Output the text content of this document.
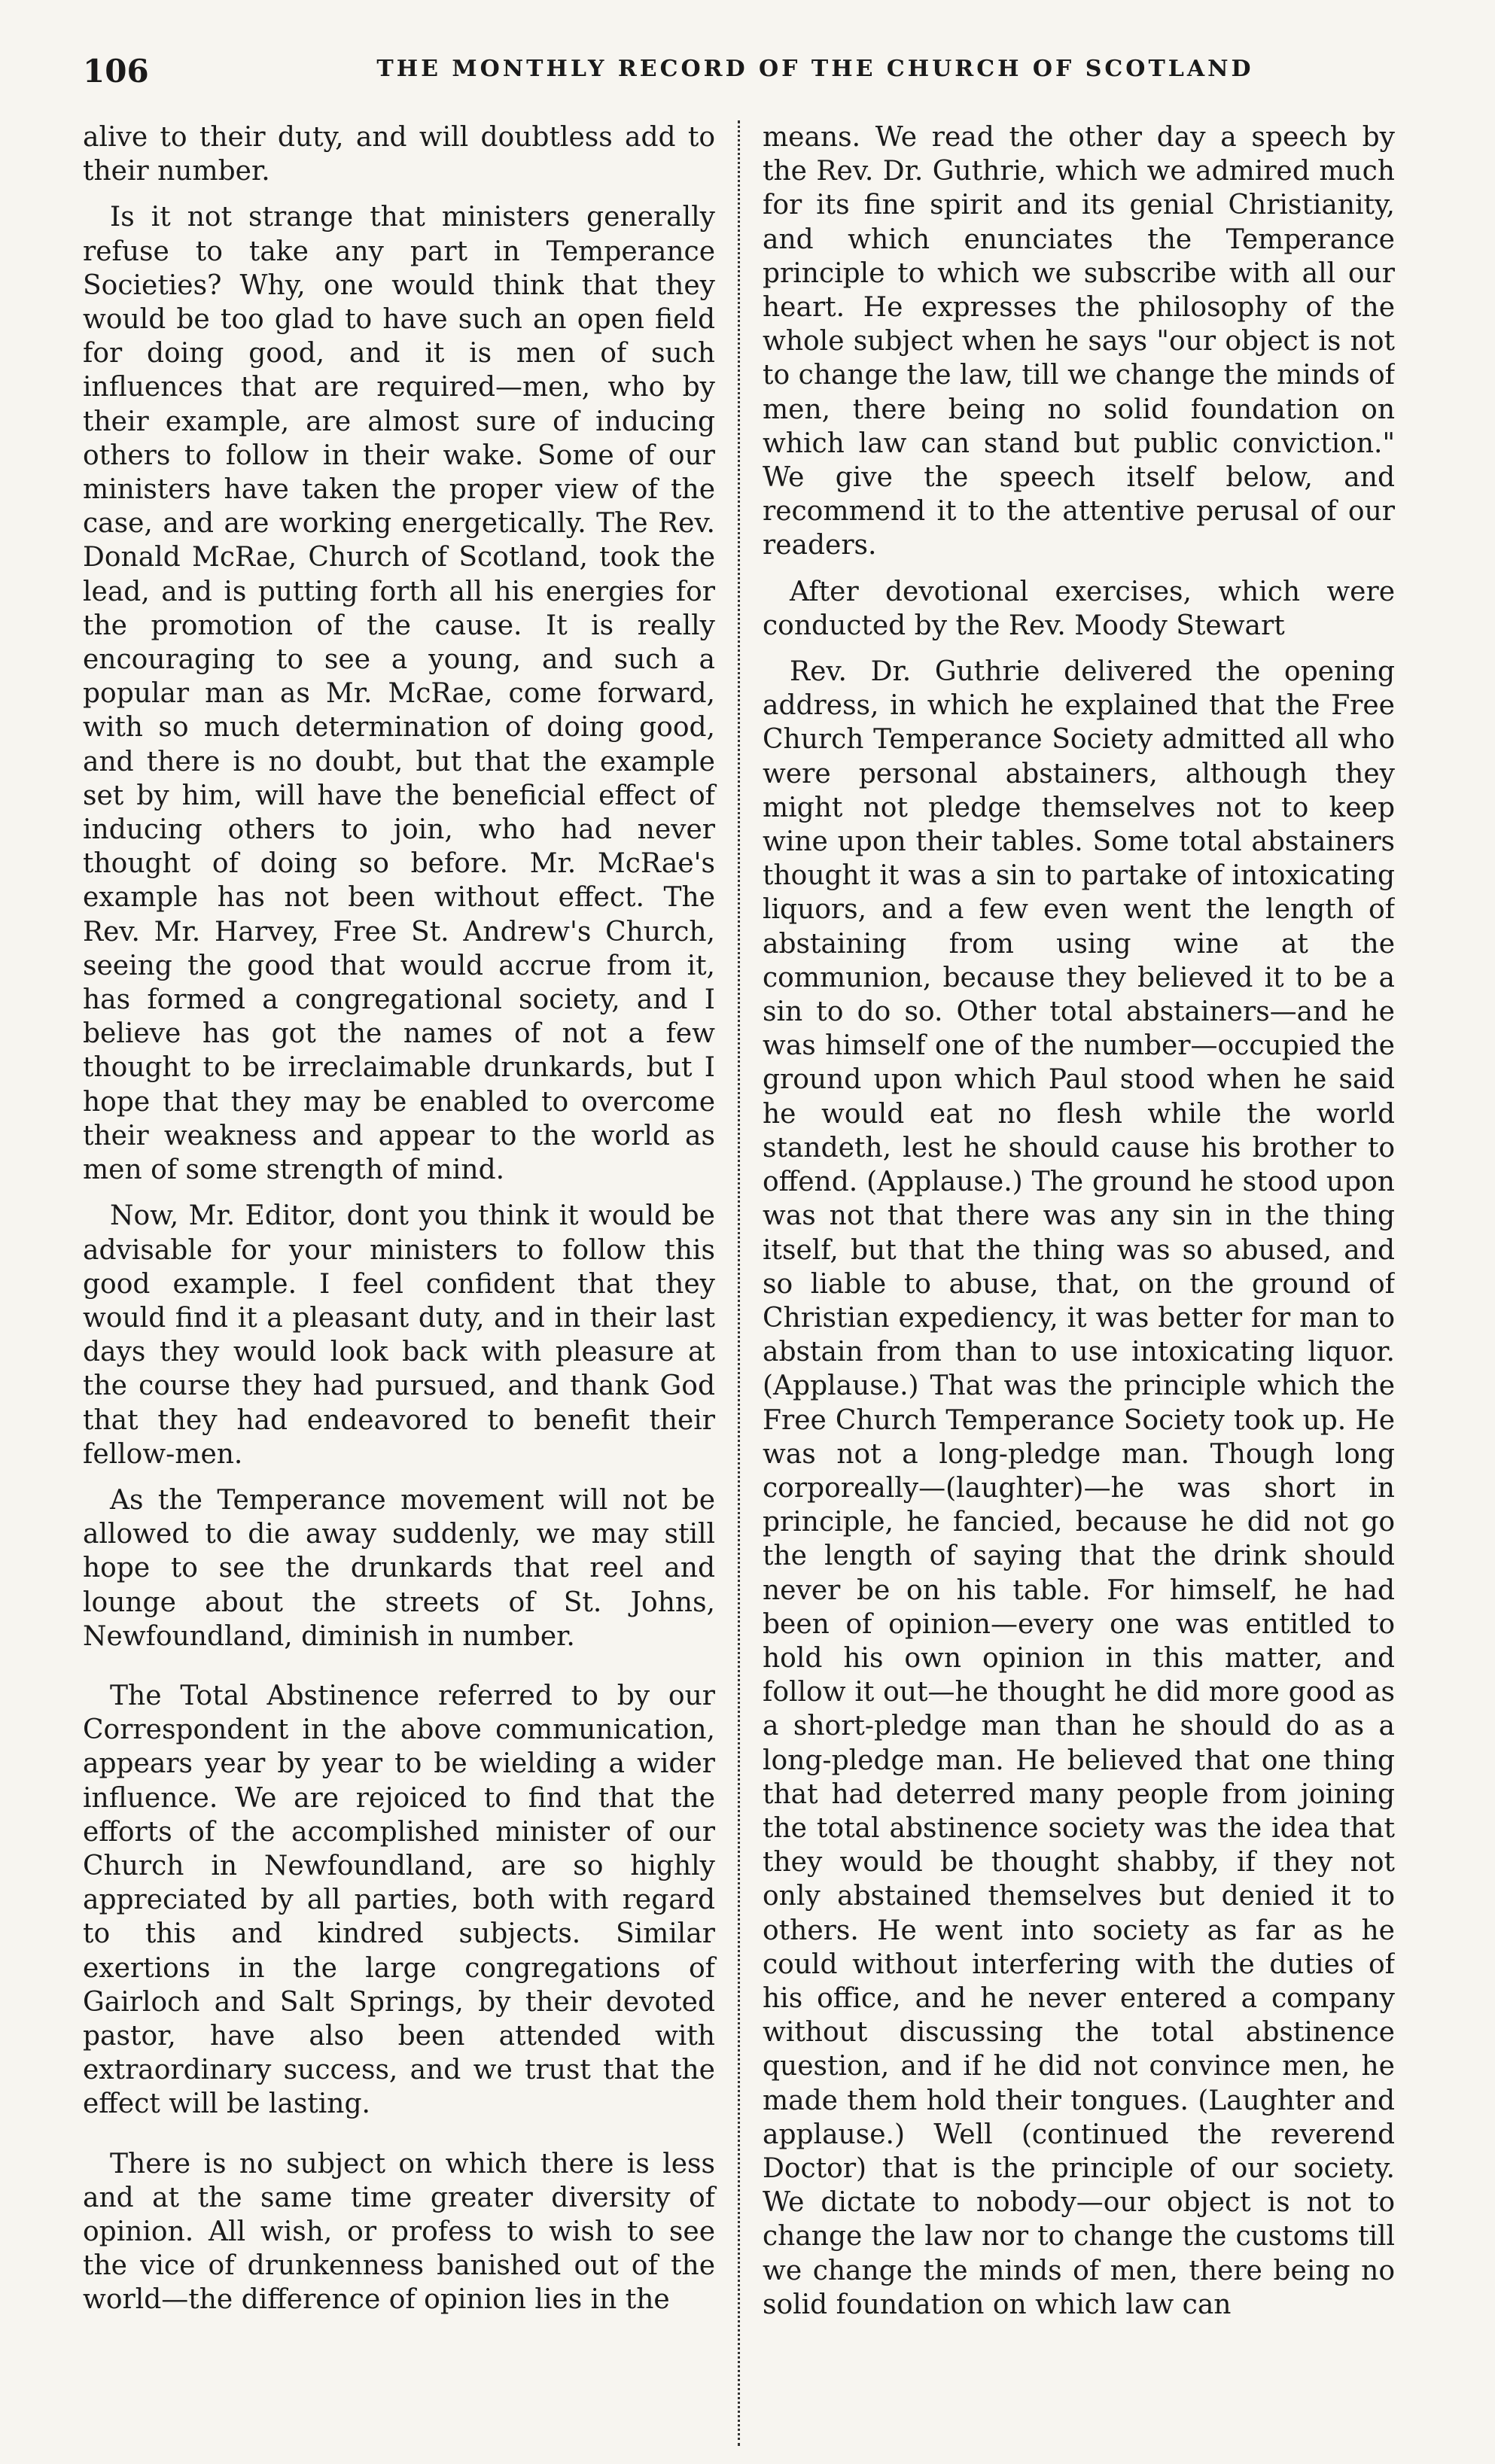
106	THE MONTHLY RECORD OF THE CHURCH OF SCOTLAND

alive to their duty, and will doubtless add to their number.

Is it not strange that ministers generally refuse to take any part in Temperance Societies? Why, one would think that they would be too glad to have such an open field for doing good, and it is men of such influences that are required—men, who by their example, are almost sure of inducing others to follow in their wake. Some of our ministers have taken the proper view of the case, and are working energetically. The Rev. Donald McRae, Church of Scotland, took the lead, and is putting forth all his energies for the promotion of the cause. It is really encouraging to see a young, and such a popular man as Mr. McRae, come forward, with so much determination of doing good, and there is no doubt, but that the example set by him, will have the beneficial effect of inducing others to join, who had never thought of doing so before. Mr. McRae's example has not been without effect. The Rev. Mr. Harvey, Free St. Andrew's Church, seeing the good that would accrue from it, has formed a congregational society, and I believe has got the names of not a few thought to be irreclaimable drunkards, but I hope that they may be enabled to overcome their weakness and appear to the world as men of some strength of mind.

Now, Mr. Editor, dont you think it would be advisable for your ministers to follow this good example. I feel confident that they would find it a pleasant duty, and in their last days they would look back with pleasure at the course they had pursued, and thank God that they had endeavored to benefit their fellow-men.

As the Temperance movement will not be allowed to die away suddenly, we may still hope to see the drunkards that reel and lounge about the streets of St. Johns, Newfoundland, diminish in number.

The Total Abstinence referred to by our Correspondent in the above communication, appears year by year to be wielding a wider influence. We are rejoiced to find that the efforts of the accomplished minister of our Church in Newfoundland, are so highly appreciated by all parties, both with regard to this and kindred subjects. Similar exertions in the large congregations of Gairloch and Salt Springs, by their devoted pastor, have also been attended with extraordinary success, and we trust that the effect will be lasting.

There is no subject on which there is less and at the same time greater diversity of opinion. All wish, or profess to wish to see the vice of drunkenness banished out of the world—the difference of opinion lies in the

means. We read the other day a speech by the Rev. Dr. Guthrie, which we admired much for its fine spirit and its genial Christianity, and which enunciates the Temperance principle to which we subscribe with all our heart. He expresses the philosophy of the whole subject when he says "our object is not to change the law, till we change the minds of men, there being no solid foundation on which law can stand but public conviction." We give the speech itself below, and recommend it to the attentive perusal of our readers.

After devotional exercises, which were conducted by the Rev. Moody Stewart

Rev. Dr. Guthrie delivered the opening address, in which he explained that the Free Church Temperance Society admitted all who were personal abstainers, although they might not pledge themselves not to keep wine upon their tables. Some total abstainers thought it was a sin to partake of intoxicating liquors, and a few even went the length of abstaining from using wine at the communion, because they believed it to be a sin to do so. Other total abstainers—and he was himself one of the number—occupied the ground upon which Paul stood when he said he would eat no flesh while the world standeth, lest he should cause his brother to offend. (Applause.) The ground he stood upon was not that there was any sin in the thing itself, but that the thing was so abused, and so liable to abuse, that, on the ground of Christian expediency, it was better for man to abstain from than to use intoxicating liquor. (Applause.) That was the principle which the Free Church Temperance Society took up. He was not a long-pledge man. Though long corporeally—(laughter)—he was short in principle, he fancied, because he did not go the length of saying that the drink should never be on his table. For himself, he had been of opinion—every one was entitled to hold his own opinion in this matter, and follow it out—he thought he did more good as a short-pledge man than he should do as a long-pledge man. He believed that one thing that had deterred many people from joining the total abstinence society was the idea that they would be thought shabby, if they not only abstained themselves but denied it to others. He went into society as far as he could without interfering with the duties of his office, and he never entered a company without discussing the total abstinence question, and if he did not convince men, he made them hold their tongues. (Laughter and applause.) Well (continued the reverend Doctor) that is the principle of our society. We dictate to nobody—our object is not to change the law nor to change the customs till we change the minds of men, there being no solid foundation on which law can
